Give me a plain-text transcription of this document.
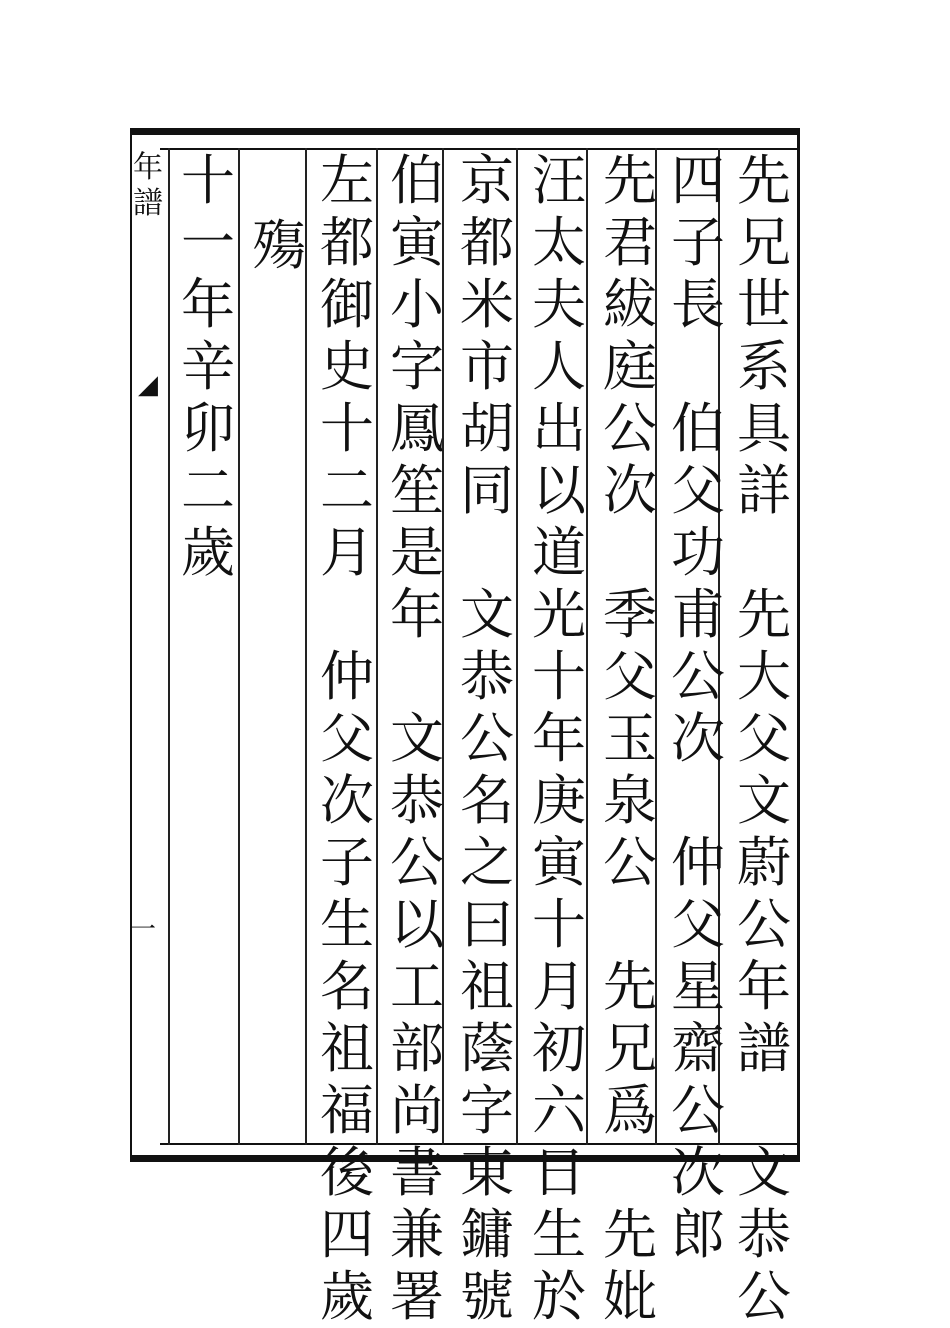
年譜
◢
一
先
兄
世
系
具
詳

先
大
父
文
蔚
公
年
譜

文
恭
公
四
子
長

伯
父
功
甫
公
次

仲
父
星
齋
公
次
郎
先
君
紱
庭
公
次

季
父
玉
泉
公

先
兄
爲

先
妣
汪
太
夫
人
出
以
道
光
十
年
庚
寅
十
月
初
六
日
生
於
京
都
米
市
胡
同

文
恭
公
名
之
曰
祖
蔭
字
東
鏞
號
伯
寅
小
字
鳳
笙
是
年

文
恭
公
以
工
部
尚
書
兼
署
左
都
御
史
十
二
月

仲
父
次
子
生
名
祖
福
後
四
歲
殤
十
一
年
辛
卯
二
歲
